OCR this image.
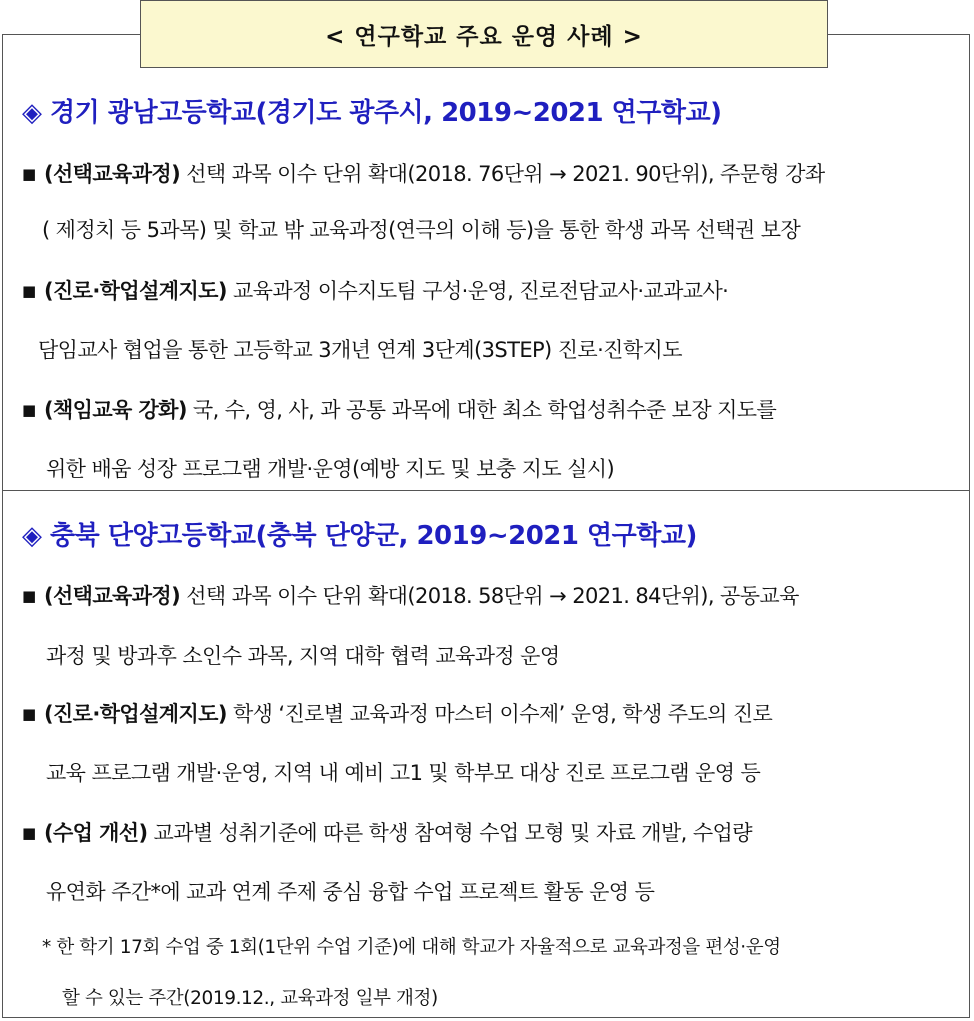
< 연구학교 주요 운영 사례 >
◈ 경기 광남고등학교(경기도 광주시, 2019~2021 연구학교)
■ (선택교육과정) 선택 과목 이수 단위 확대(2018. 76단위 → 2021. 90단위), 주문형 강좌
( 제정치 등 5과목) 및 학교 밖 교육과정(연극의 이해 등)을 통한 학생 과목 선택권 보장
■ (진로·학업설계지도) 교육과정 이수지도팀 구성·운영, 진로전담교사·교과교사·
담임교사 협업을 통한 고등학교 3개년 연계 3단계(3STEP) 진로·진학지도
■ (책임교육 강화) 국, 수, 영, 사, 과 공통 과목에 대한 최소 학업성취수준 보장 지도를
위한 배움 성장 프로그램 개발·운영(예방 지도 및 보충 지도 실시)
◈ 충북 단양고등학교(충북 단양군, 2019~2021 연구학교)
■ (선택교육과정) 선택 과목 이수 단위 확대(2018. 58단위 → 2021. 84단위), 공동교육
과정 및 방과후 소인수 과목, 지역 대학 협력 교육과정 운영
■ (진로·학업설계지도) 학생 ‘진로별 교육과정 마스터 이수제’ 운영, 학생 주도의 진로
교육 프로그램 개발·운영, 지역 내 예비 고1 및 학부모 대상 진로 프로그램 운영 등
■ (수업 개선) 교과별 성취기준에 따른 학생 참여형 수업 모형 및 자료 개발, 수업량
유연화 주간*에 교과 연계 주제 중심 융합 수업 프로젝트 활동 운영 등
* 한 학기 17회 수업 중 1회(1단위 수업 기준)에 대해 학교가 자율적으로 교육과정을 편성·운영
할 수 있는 주간(2019.12., 교육과정 일부 개정)
